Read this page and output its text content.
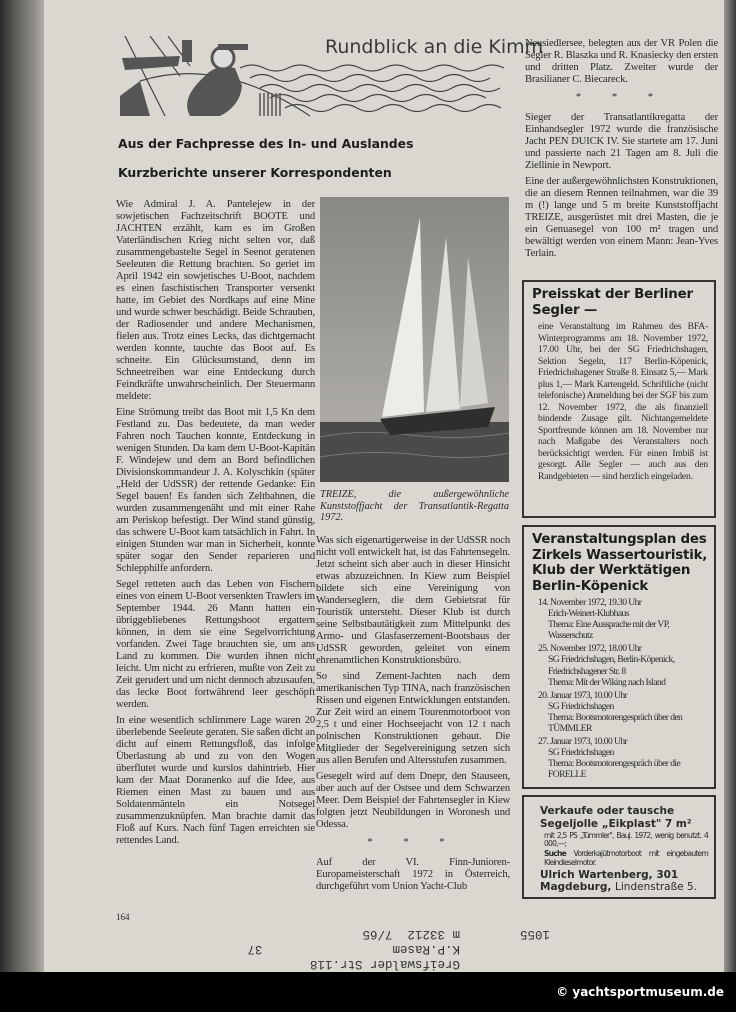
Rundblick an die Kimm
Aus der Fachpresse des In- und Auslandes
Kurzberichte unserer Korrespondenten

Wie Admiral J. A. Pantelejew in der sowjetischen Fachzeitschrift BOOTE und JACHTEN erzählt, kam es im Großen Vaterländischen Krieg nicht selten vor, daß zusammengebastelte Segel in Seenot geratenen Seeleuten die Rettung brachten. So geriet im April 1942 ein sowjetisches U-Boot, nachdem es einen faschistischen Transporter versenkt hatte, im Gebiet des Nordkaps auf eine Mine und wurde schwer beschädigt. Beide Schrauben, der Radiosender und andere Mechanismen, fielen aus. Trotz eines Lecks, das dichtgemacht werden konnte, tauchte das Boot auf. Es schneite. Ein Glücksumstand, denn im Schneetreiben war eine Entdeckung durch Feindkräfte unwahrscheinlich. Der Steuermann meldete:

Eine Strömung treibt das Boot mit 1,5 Kn dem Festland zu. Das bedeutete, da man weder Fahren noch Tauchen konnte, Entdeckung in wenigen Stunden. Da kam dem U-Boot-Kapitän F. Windejew und dem an Bord befindlichen Divisionskommandeur J. A. Kolyschkin (später „Held der UdSSR) der rettende Gedanke: Ein Segel bauen! Es fanden sich Zeltbahnen, die wurden zusammengenäht und mit einer Rahe am Periskop befestigt. Der Wind stand günstig, das schwere U-Boot kam tatsächlich in Fahrt. In einigen Stunden war man in Sicherheit, konnte später sogar den Sender reparieren und Schlepphilfe anfordern.

Segel retteten auch das Leben von Fischern eines von einem U-Boot versenkten Trawlers im September 1944. 26 Mann hatten ein übriggebliebenes Rettungsboot ergattern können, in dem sie eine Segelvorrichtung vorfanden. Zwei Tage brauchten sie, um ans Land zu kommen. Die wurden ihnen nicht leicht. Um nicht zu erfrieren, mußte von Zeit zu Zeit gerudert und um nicht dennoch abzusaufen, das lecke Boot fortwährend leer geschöpft werden.

In eine wesentlich schlimmere Lage waren 20 überlebende Seeleute geraten. Sie saßen dicht an dicht auf einem Rettungsfloß, das infolge Überlastung ab und zu von den Wogen überflutet wurde und kurslos dahintrieb. Hier kam der Maat Doranenko auf die Idee, aus Riemen einen Mast zu bauen und aus Soldatenmänteln ein Notsegel zusammenzuknüpfen. Man brachte damit das Floß auf Kurs. Nach fünf Tagen erreichten sie rettendes Land.

TREIZE, die außergewöhnliche Kunststoffjacht der Transatlantik-Regatta 1972.

Was sich eigenartigerweise in der UdSSR noch nicht voll entwickelt hat, ist das Fahrtensegeln. Jetzt scheint sich aber auch in dieser Hinsicht etwas abzuzeichnen. In Kiew zum Beispiel bildete sich eine Vereinigung von Wanderseglern, die dem Gebietsrat für Touristik untersteht. Dieser Klub ist durch seine Selbstbautätigkeit zum Mittelpunkt des Armo- und Glasfaserzement-Bootsbaus der UdSSR geworden, geleitet von einem ehrenamtlichen Konstruktionsbüro.

So sind Zement-Jachten nach dem amerikanischen Typ TINA, nach französischen Rissen und eigenen Entwicklungen entstanden. Zur Zeit wird an einem Tourenmotorboot von 2,5 t und einer Hochseejacht von 12 t nach polnischen Konstruktionen gebaut. Die Mitglieder der Segelvereinigung setzen sich aus allen Berufen und Altersstufen zusammen.

Gesegelt wird auf dem Dnepr, den Stauseen, aber auch auf der Ostsee und dem Schwarzen Meer. Dem Beispiel der Fahrtensegler in Kiew folgten jetzt Neubildungen in Woronesh und Odessa.

* * *

Auf der VI. Finn-Junioren-Europameisterschaft 1972 in Österreich, durchgeführt vom Union Yacht-Club

Neusiedlersee, belegten aus der VR Polen die Segler R. Blaszka und R. Knasiecky den ersten und dritten Platz. Zweiter wurde der Brasilianer C. Biecareck.

* * *

Sieger der Transatlantikregatta der Einhandsegler 1972 wurde die französische Jacht PEN DUICK IV. Sie startete am 17. Juni und passierte nach 21 Tagen am 8. Juli die Ziellinie in Newport.

Eine der außergewöhnlichsten Konstruktionen, die an diesem Rennen teilnahmen, war die 39 m (!) lange und 5 m breite Kunststoffjacht TREIZE, ausgerüstet mit drei Masten, die je ein Genuasegel von 100 m² tragen und bewältigt werden von einem Mann: Jean-Yves Terlain.

Preisskat der Berliner Segler —
eine Veranstaltung im Rahmen des BFA-Winterprogramms am 18. November 1972, 17.00 Uhr, bei der SG Friedrichshagen, Sektion Segeln, 117 Berlin-Köpenick, Friedrichshagener Straße 8. Einsatz 5,— Mark plus 1,— Mark Kartengeld. Schriftliche (nicht telefonische) Anmeldung bei der SGF bis zum 12. November 1972, die als finanziell bindende Zusage gilt. Nichtangemeldete Sportfreunde können am 18. November nur nach Maßgabe des Veranstalters noch berücksichtigt werden. Für einen Imbiß ist gesorgt. Alle Segler — auch aus den Randgebieten — sind herzlich eingeladen.
Veranstaltungsplan des Zirkels Wassertouristik, Klub der Werktätigen Berlin-Köpenick
14. November 1972, 19.30 Uhr
Erich-Weinert-Klubhaus
Thema: Eine Aussprache mit der VP, Wasserschutz
25. November 1972, 18.00 Uhr
SG Friedrichshagen, Berlin-Köpenick, Friedrichshagener Str. 8
Thema: Mit der Wiking nach Island
20. Januar 1973, 10.00 Uhr
SG Friedrichshagen
Thema: Bootsmotorengespräch über den TÜMMLER
27. Januar 1973, 10.00 Uhr
SG Friedrichshagen
Thema: Bootsmotorengespräch über die FORELLE
Verkaufe oder tausche Segeljolle „Eikplast" 7 m²
mit 2,5 PS „Tümmler", Bauj. 1972, wenig benutzt. 4 000,—;
Suche Vorderkajütmotorboot mit eingebautem Kleindieselmotor.
Ulrich Wartenberg, 301 Magdeburg, Lindenstraße 5.
164
Greifswalder Str.118
K.P.Rasem37
1055        m 33212  7/65
© yachtsportmuseum.de
